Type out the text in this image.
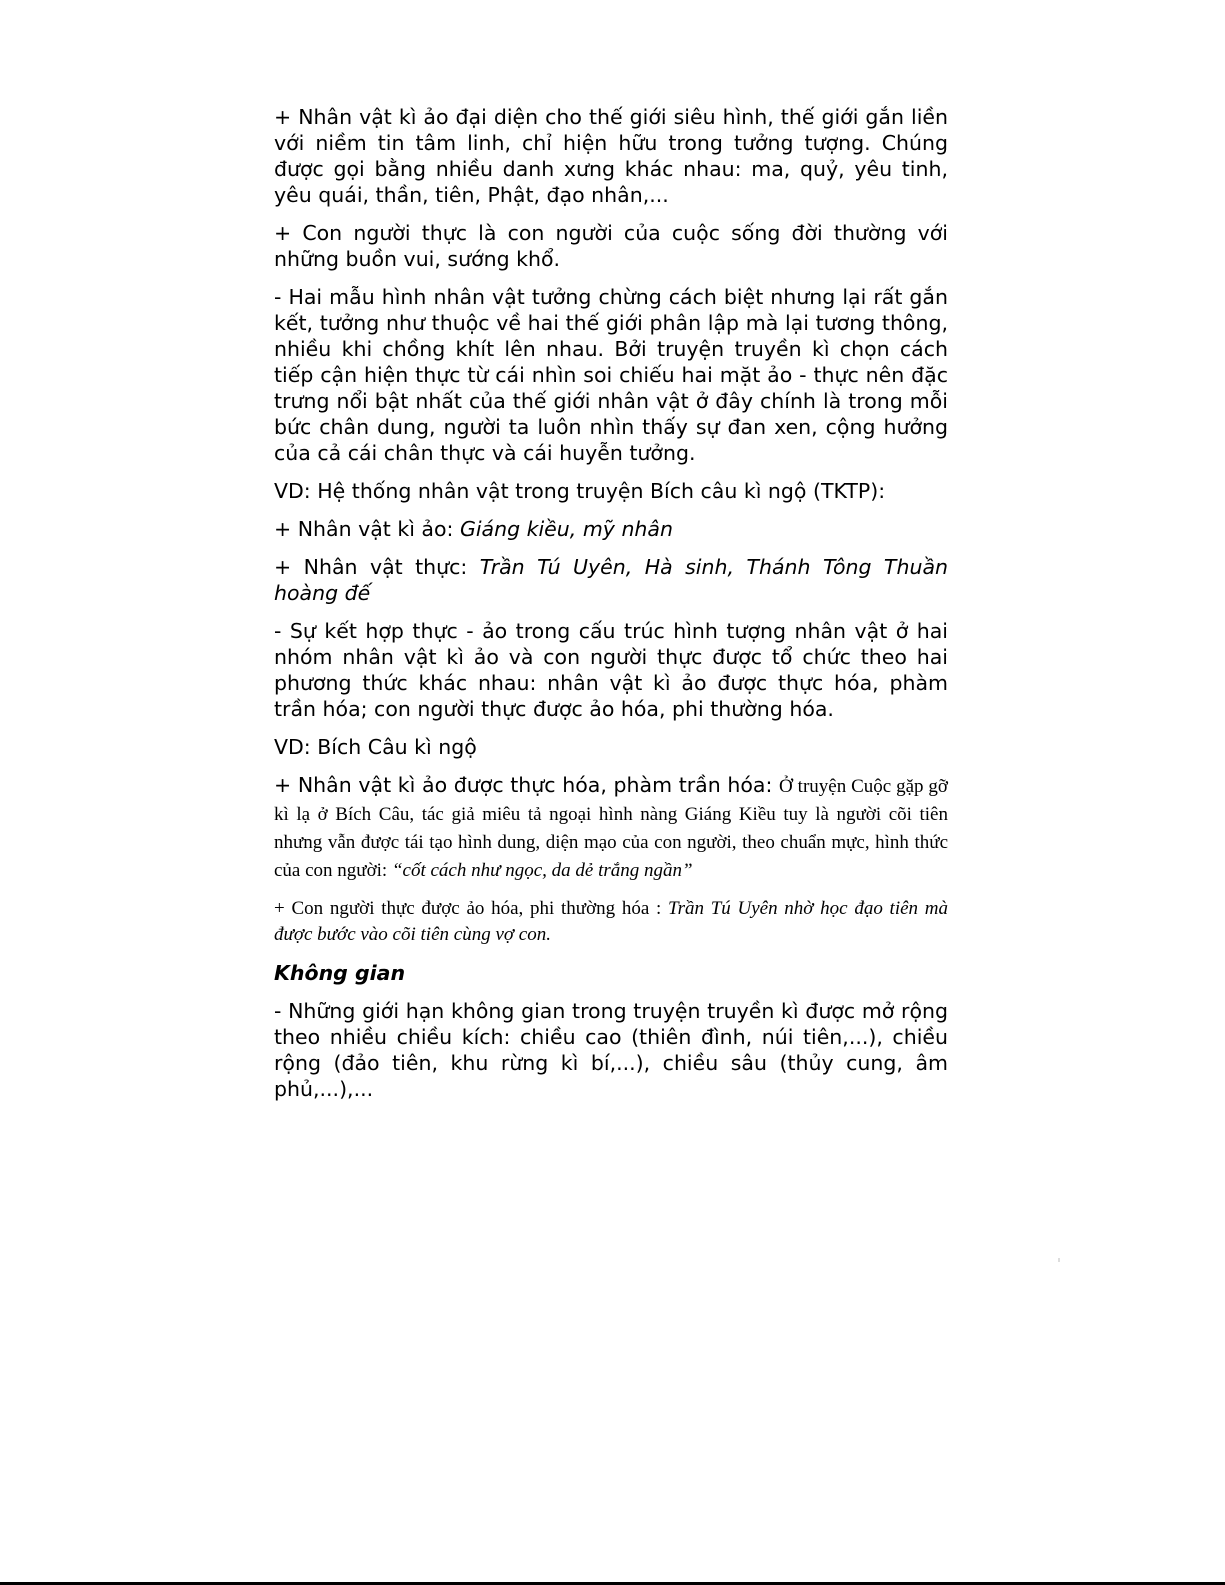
+ Nhân vật kì ảo đại diện cho thế giới siêu hình, thế giới gắn liền với niềm tin tâm linh, chỉ hiện hữu trong tưởng tượng. Chúng được gọi bằng nhiều danh xưng khác nhau: ma, quỷ, yêu tinh, yêu quái, thần, tiên, Phật, đạo nhân,...

+ Con người thực là con người của cuộc sống đời thường với những buồn vui, sướng khổ.

- Hai mẫu hình nhân vật tưởng chừng cách biệt nhưng lại rất gắn kết, tưởng như thuộc về hai thế giới phân lập mà lại tương thông, nhiều khi chồng khít lên nhau. Bởi truyện truyền kì chọn cách tiếp cận hiện thực từ cái nhìn soi chiếu hai mặt ảo - thực nên đặc trưng nổi bật nhất của thế giới nhân vật ở đây chính là trong mỗi bức chân dung, người ta luôn nhìn thấy sự đan xen, cộng hưởng của cả cái chân thực và cái huyễn tưởng.

VD: Hệ thống nhân vật trong truyện Bích câu kì ngộ (TKTP):

+ Nhân vật kì ảo: Giáng kiều, mỹ nhân

+ Nhân vật thực: Trần Tú Uyên, Hà sinh, Thánh Tông Thuần hoàng đế

- Sự kết hợp thực - ảo trong cấu trúc hình tượng nhân vật ở hai nhóm nhân vật kì ảo và con người thực được tổ chức theo hai phương thức khác nhau: nhân vật kì ảo được thực hóa, phàm trần hóa; con người thực được ảo hóa, phi thường hóa.

VD: Bích Câu kì ngộ

+ Nhân vật kì ảo được thực hóa, phàm trần hóa: Ở truyện Cuộc gặp gỡ kì lạ ở Bích Câu, tác giả miêu tả ngoại hình nàng Giáng Kiều tuy là người cõi tiên nhưng vẫn được tái tạo hình dung, diện mạo của con người, theo chuẩn mực, hình thức của con người: “cốt cách như ngọc, da dẻ trắng ngần”

+ Con người thực được ảo hóa, phi thường hóa : Trần Tú Uyên nhờ học đạo tiên mà được bước vào cõi tiên cùng vợ con.

Không gian

- Những giới hạn không gian trong truyện truyền kì được mở rộng theo nhiều chiều kích: chiều cao (thiên đình, núi tiên,...), chiều rộng (đảo tiên, khu rừng kì bí,...), chiều sâu (thủy cung, âm phủ,...),...
